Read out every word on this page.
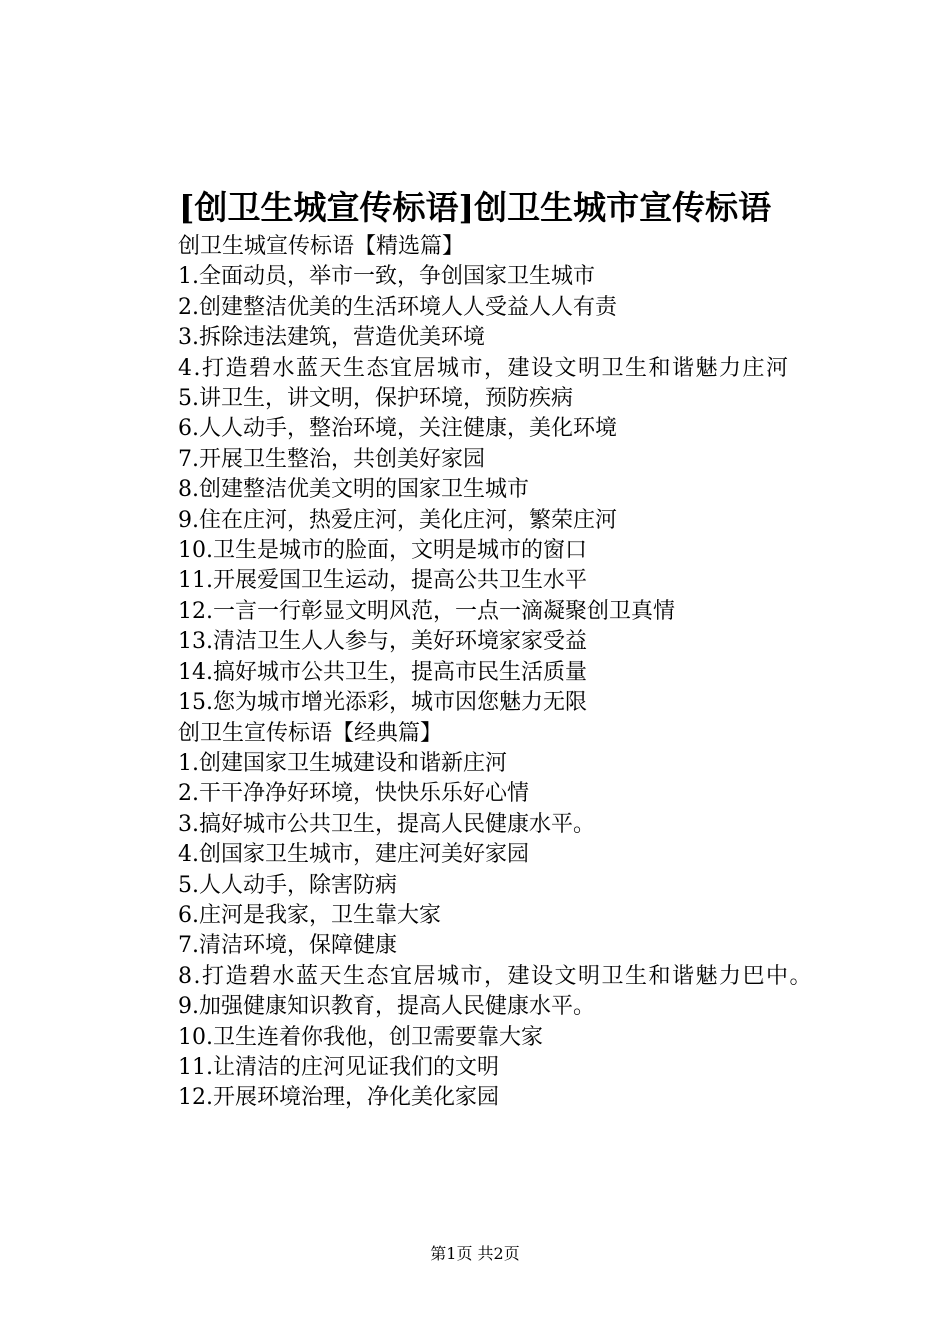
[创卫生城宣传标语]创卫生城市宣传标语
创卫生城宣传标语【精选篇】
1.全面动员，举市一致，争创国家卫生城市
2.创建整洁优美的生活环境人人受益人人有责
3.拆除违法建筑，营造优美环境
4.打造碧水蓝天生态宜居城市，建设文明卫生和谐魅力庄河
5.讲卫生，讲文明，保护环境，预防疾病
6.人人动手，整治环境，关注健康，美化环境
7.开展卫生整治，共创美好家园
8.创建整洁优美文明的国家卫生城市
9.住在庄河，热爱庄河，美化庄河，繁荣庄河
10.卫生是城市的脸面，文明是城市的窗口
11.开展爱国卫生运动，提高公共卫生水平
12.一言一行彰显文明风范，一点一滴凝聚创卫真情
13.清洁卫生人人参与，美好环境家家受益
14.搞好城市公共卫生，提高市民生活质量
15.您为城市增光添彩，城市因您魅力无限
创卫生宣传标语【经典篇】
1.创建国家卫生城建设和谐新庄河
2.干干净净好环境，快快乐乐好心情
3.搞好城市公共卫生，提高人民健康水平。
4.创国家卫生城市，建庄河美好家园
5.人人动手，除害防病
6.庄河是我家，卫生靠大家
7.清洁环境，保障健康
8.打造碧水蓝天生态宜居城市，建设文明卫生和谐魅力巴中。
9.加强健康知识教育，提高人民健康水平。
10.卫生连着你我他，创卫需要靠大家
11.让清洁的庄河见证我们的文明
12.开展环境治理，净化美化家园
第1页 共2页
